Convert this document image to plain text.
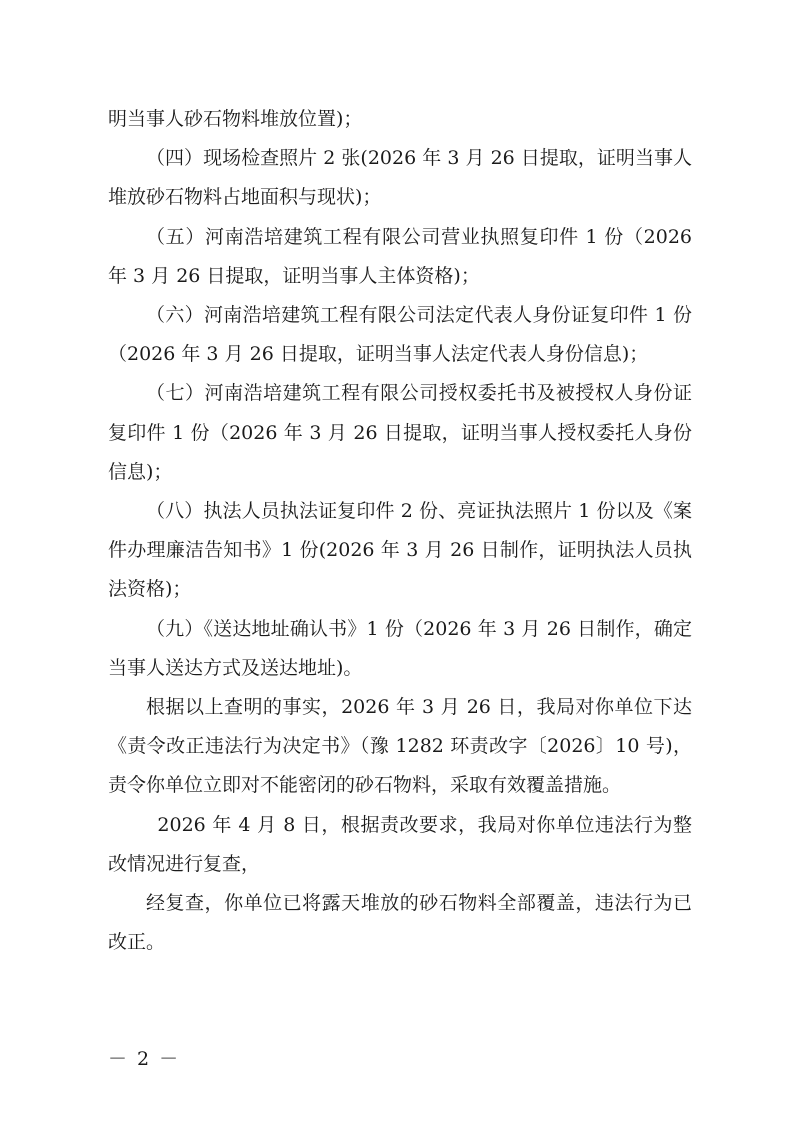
明当事人砂石物料堆放位置)；

（四）现场检查照片 2 张(2026 年 3 月 26 日提取，证明当事人堆放砂石物料占地面积与现状)；

（五）河南浩培建筑工程有限公司营业执照复印件 1 份（2026 年 3 月 26 日提取，证明当事人主体资格)；

（六）河南浩培建筑工程有限公司法定代表人身份证复印件 1 份（2026 年 3 月 26 日提取，证明当事人法定代表人身份信息)；

（七）河南浩培建筑工程有限公司授权委托书及被授权人身份证复印件 1 份（2026 年 3 月 26 日提取，证明当事人授权委托人身份信息)；

（八）执法人员执法证复印件 2 份、亮证执法照片 1 份以及《案件办理廉洁告知书》1 份(2026 年 3 月 26 日制作，证明执法人员执法资格)；

（九）《送达地址确认书》1 份（2026 年 3 月 26 日制作，确定当事人送达方式及送达地址)。

根据以上查明的事实，2026 年 3 月 26 日，我局对你单位下达《责令改正违法行为决定书》（豫 1282 环责改字〔2026〕10 号)，责令你单位立即对不能密闭的砂石物料，采取有效覆盖措施。

2026 年 4 月 8 日，根据责改要求，我局对你单位违法行为整改情况进行复查，

经复查，你单位已将露天堆放的砂石物料全部覆盖，违法行为已改正。

－ 2 －
